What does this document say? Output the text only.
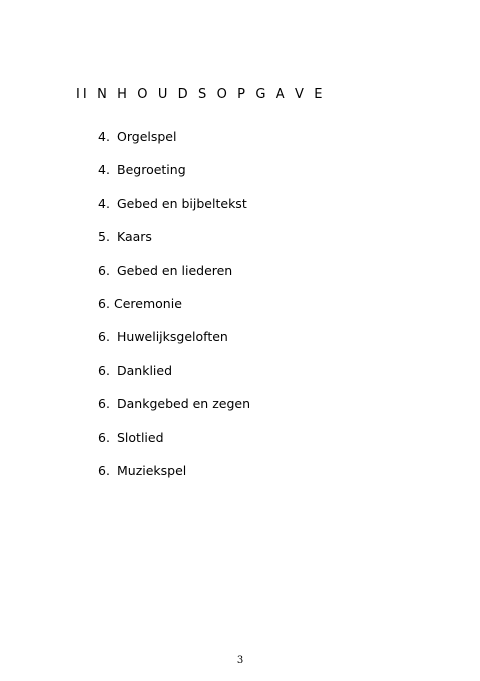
II N H O U D S O P G A V E
4. Orgelspel
4. Begroeting
4. Gebed en bijbeltekst
5. Kaars
6. Gebed en liederen
6. Ceremonie
6. Huwelijksgeloften
6. Danklied
6. Dankgebed en zegen
6. Slotlied
6. Muziekspel
3
